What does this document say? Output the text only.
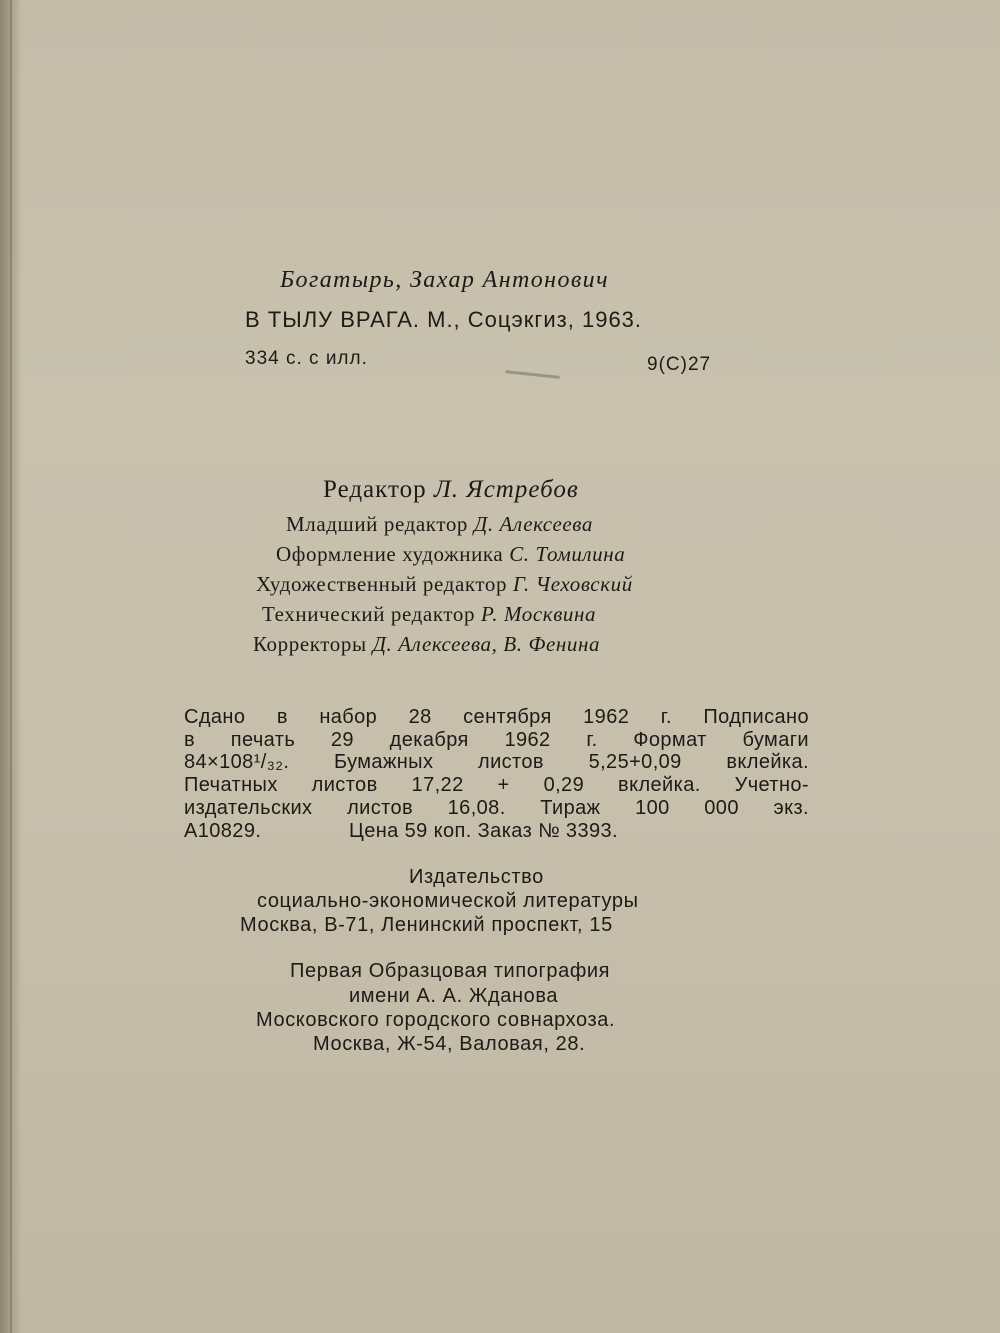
Богатырь, Захар Антонович
В ТЫЛУ ВРАГА. М., Соцэкгиз, 1963.
334 с. с илл.	9(С)27
Редактор Л. Ястребов
Младший редактор Д. Алексеева
Оформление художника С. Томилина
Художественный редактор Г. Чеховский
Технический редактор Р. Москвина
Корректоры Д. Алексеева, В. Фенина
Сдано в набор 28 сентября 1962 г. Подписано
в печать 29 декабря 1962 г. Формат бумаги
84×108¹/₃₂. Бумажных листов 5,25+0,09 вклейка.
Печатных листов 17,22 + 0,29 вклейка. Учетно-
издательских листов 16,08. Тираж 100 000 экз.
А10829.	Цена 59 коп. Заказ № 3393.
Издательство
социально-экономической литературы
Москва, В-71, Ленинский проспект, 15
Первая Образцовая типография
имени А. А. Жданова
Московского городского совнархоза.
Москва, Ж-54, Валовая, 28.
